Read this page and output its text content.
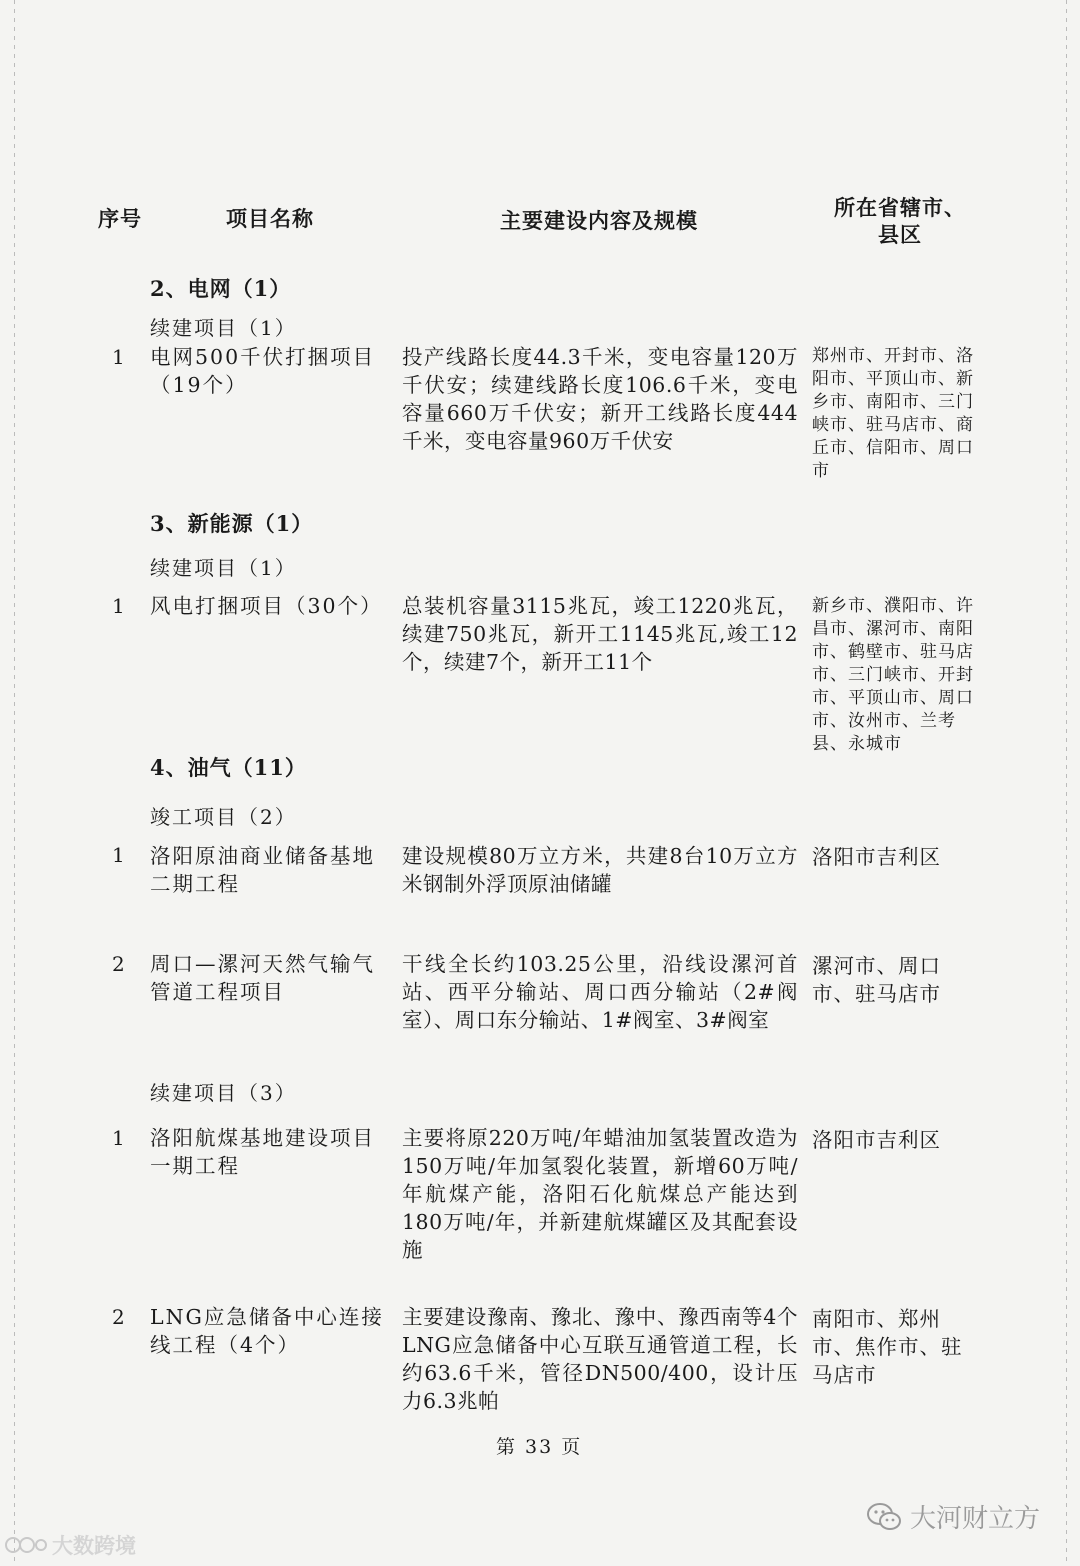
序号	项目名称	主要建设内容及规模
所在省辖市、
县区
2、电网（1）
续建项目（1）
1 电网500千伏打捆项目（19个）
投产线路长度44.3千米，变电容量120万千伏安；续建线路长度106.6千米，变电容量660万千伏安；新开工线路长度444千米，变电容量960万千伏安
郑州市、开封市、洛阳市、平顶山市、新乡市、南阳市、三门峡市、驻马店市、商丘市、信阳市、周口市
3、新能源（1）
续建项目（1）
1 风电打捆项目（30个） 总装机容量3115兆瓦，竣工1220兆瓦，续建750兆瓦，新开工1145兆瓦,竣工12个，续建7个，新开工11个
新乡市、濮阳市、许昌市、漯河市、南阳市、鹤壁市、驻马店市、三门峡市、开封市、平顶山市、周口市、汝州市、兰考县、永城市
4、油气（11）
竣工项目（2）
1 洛阳原油商业储备基地二期工程
建设规模80万立方米，共建8台10万立方米钢制外浮顶原油储罐
洛阳市吉利区
2 周口—漯河天然气输气管道工程项目
干线全长约103.25公里，沿线设漯河首站、西平分输站、周口西分输站（2#阀室）、周口东分输站、1#阀室、3#阀室
漯河市、周口市、驻马店市
续建项目（3）
1 洛阳航煤基地建设项目一期工程
主要将原220万吨/年蜡油加氢装置改造为150万吨/年加氢裂化装置，新增60万吨/年航煤产能，洛阳石化航煤总产能达到180万吨/年，并新建航煤罐区及其配套设施
洛阳市吉利区
2 LNG应急储备中心连接线工程（4个）
主要建设豫南、豫北、豫中、豫西南等4个LNG应急储备中心互联互通管道工程，长约63.6千米，管径DN500/400，设计压力6.3兆帕
南阳市、郑州市、焦作市、驻马店市
第 33 页
大数跨境
大河财立方
